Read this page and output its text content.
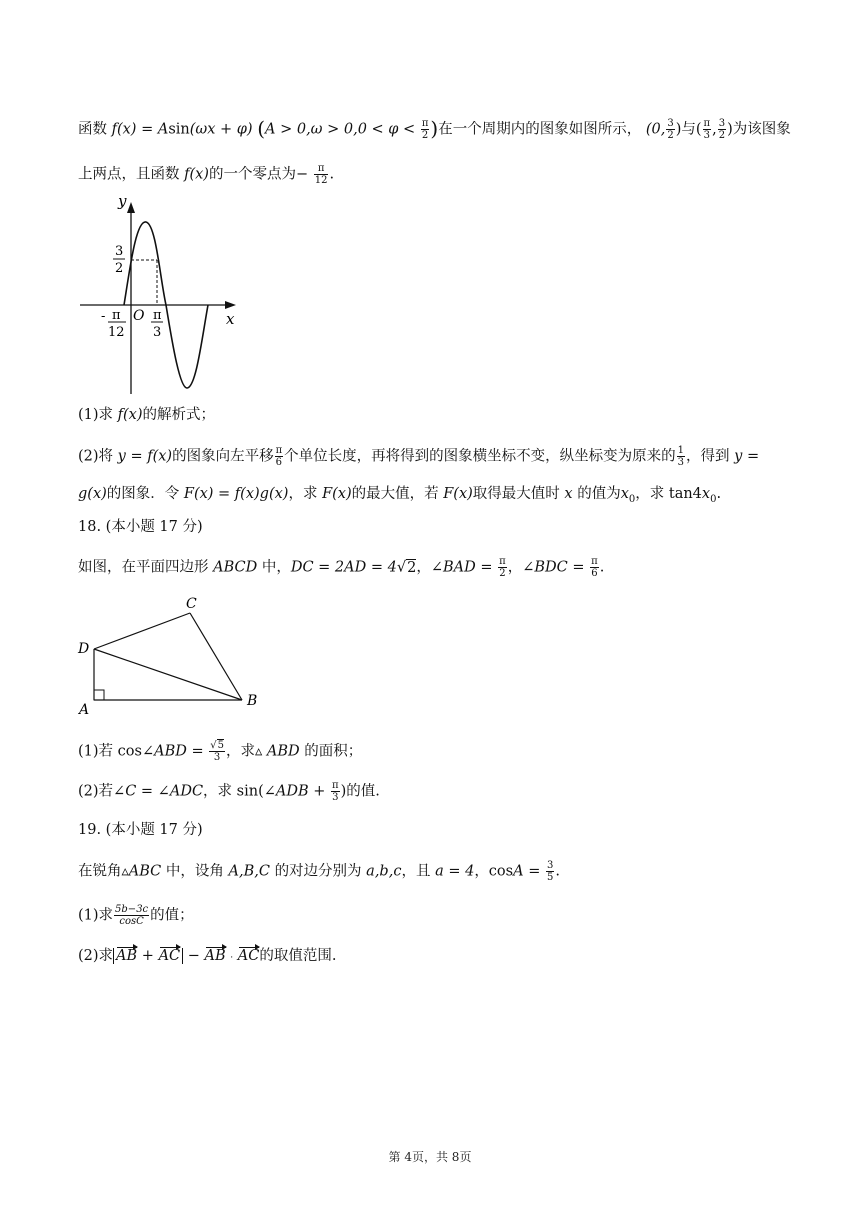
函数 f(x) = Asin(ωx + φ) ($A > 0,\omega > 0,0 < \varphi < \frac{\pi}{2}$ )在一个周期内的图象如图所示， (0, $\frac{3}{2}$ )与( $\frac{\pi}{3}$ , $\frac{3}{2}$ )为该图象
上两点，且函数 f(x)的一个零点为− $\frac{\pi}{12}$ .
y
x
O
3
2
- π
12
π
3
(1)求 f(x)的解析式；
(2)将 y = f(x)的图象向左平移 $\frac{\pi}{6}$ 个单位长度，再将得到的图象横坐标不变，纵坐标变为原来的 $\frac{1}{3}$ ，得到 y =
g(x)的图象．令 F(x) = f(x)g(x)，求 F(x)的最大值，若 F(x)取得最大值时 x 的值为$x_0$，求 $\tan 4x_0$.
18. (本小题 17 分)
如图，在平面四边形 ABCD 中，DC = 2AD = 4√2，∠BAD = $\frac{\pi}{2}$ ，∠BDC = $\frac{\pi}{6}$ .
C
D
A
B
(1)若 cos∠ABD = $\frac{√5}{3}$ ，求▵ ABD 的面积；
(2)若∠C = ∠ADC，求 sin(∠ADB + $\frac{\pi}{3}$ )的值.
19. (本小题 17 分)
在锐角▵ABC 中，设角 A,B,C 的对边分别为 a,b,c，且 a = 4，$\cos A = \frac{3}{5}$ .
(1)求 $\frac{5b-3c}{\cos C}$ 的值；
(2)求 AB + AC − AB · AC的取值范围.
第 4页，共 8页
